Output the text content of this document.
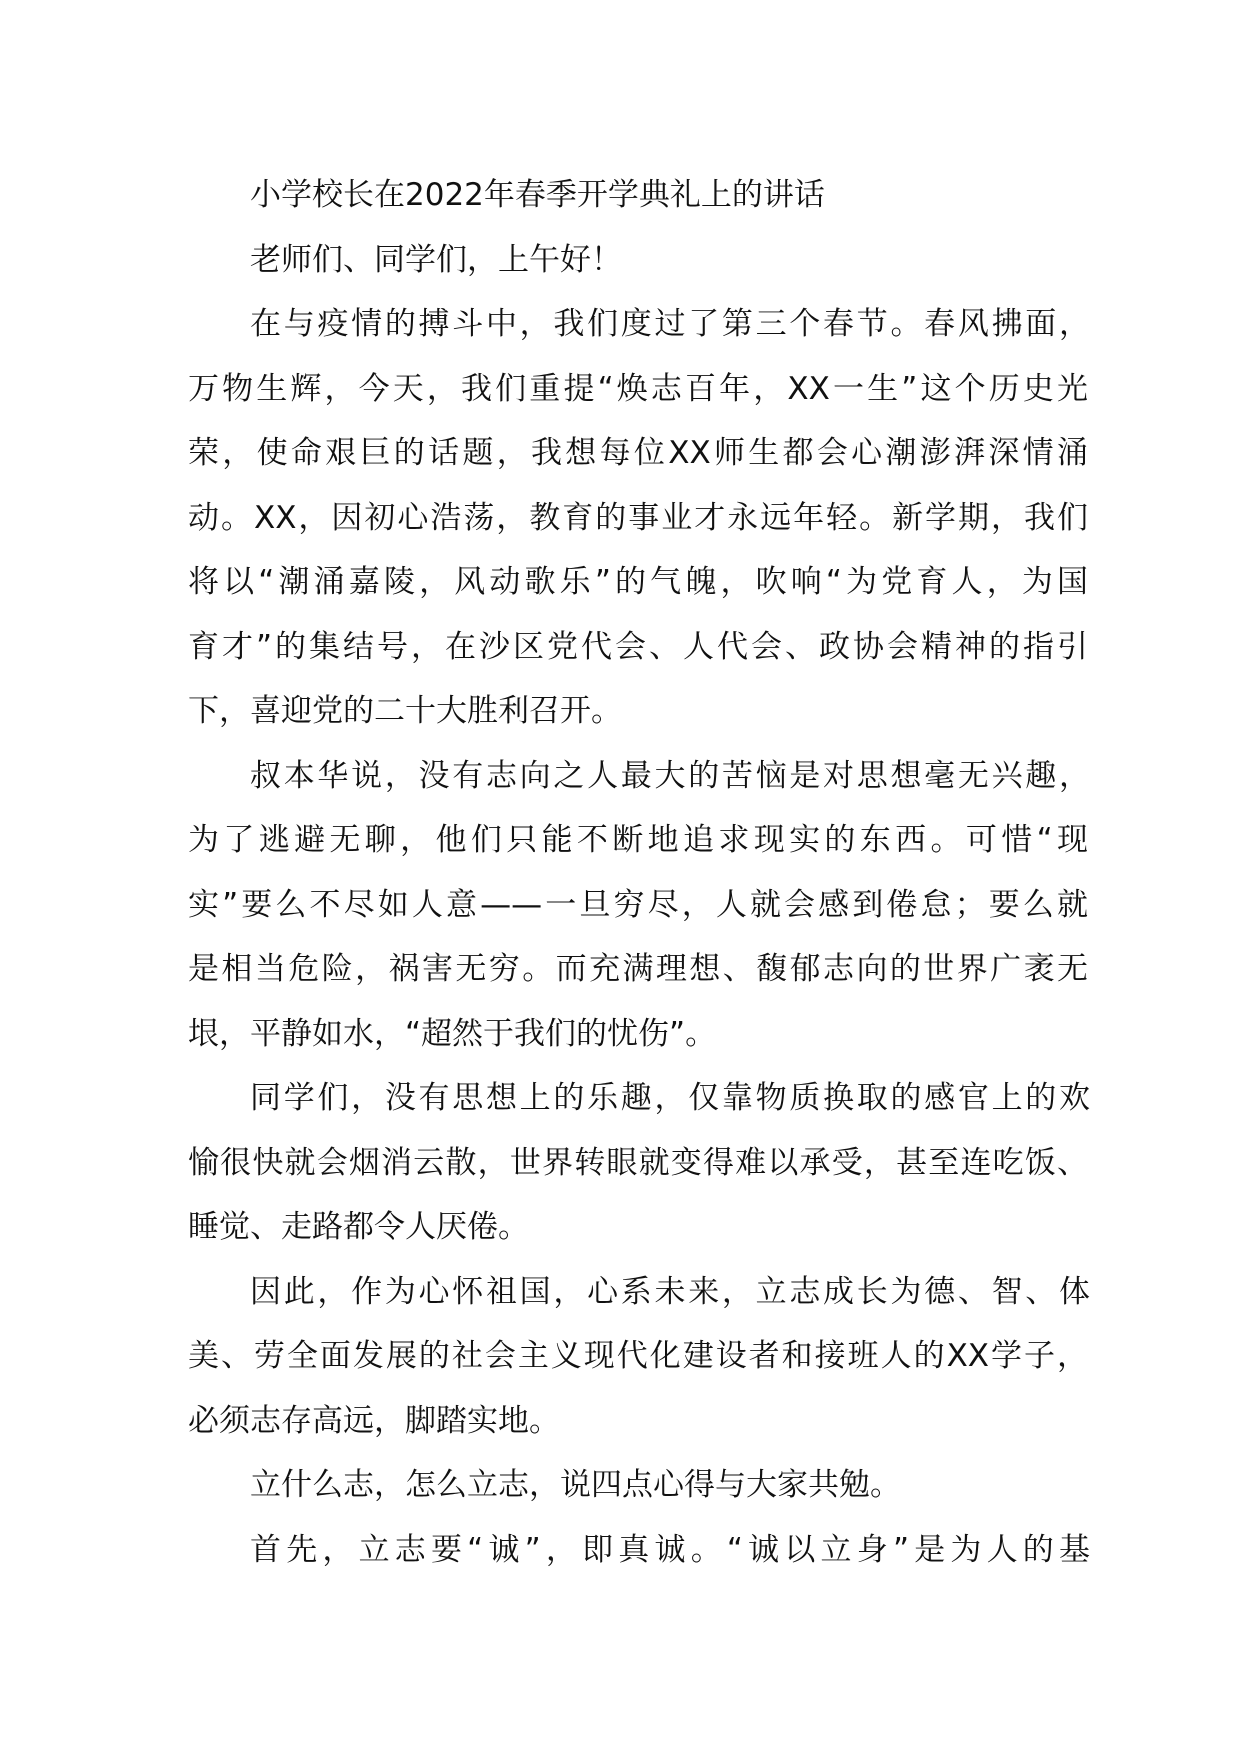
小学校长在2022年春季开学典礼上的讲话
老师们、同学们，上午好！
在与疫情的搏斗中，我们度过了第三个春节。春风拂面，
万物生辉，今天，我们重提“焕志百年，XX一生”这个历史光
荣，使命艰巨的话题，我想每位XX师生都会心潮澎湃深情涌
动。XX，因初心浩荡，教育的事业才永远年轻。新学期，我们
将以“潮涌嘉陵，风动歌乐”的气魄，吹响“为党育人，为国
育才”的集结号，在沙区党代会、人代会、政协会精神的指引
下，喜迎党的二十大胜利召开。
叔本华说，没有志向之人最大的苦恼是对思想毫无兴趣，
为了逃避无聊，他们只能不断地追求现实的东西。可惜“现
实”要么不尽如人意——一旦穷尽，人就会感到倦怠；要么就
是相当危险，祸害无穷。而充满理想、馥郁志向的世界广袤无
垠，平静如水，“超然于我们的忧伤”。
同学们，没有思想上的乐趣，仅靠物质换取的感官上的欢
愉很快就会烟消云散，世界转眼就变得难以承受，甚至连吃饭、
睡觉、走路都令人厌倦。
因此，作为心怀祖国，心系未来，立志成长为德、智、体
美、劳全面发展的社会主义现代化建设者和接班人的XX学子，
必须志存高远，脚踏实地。
立什么志，怎么立志，说四点心得与大家共勉。
首先，立志要“诚”，即真诚。“诚以立身”是为人的基
